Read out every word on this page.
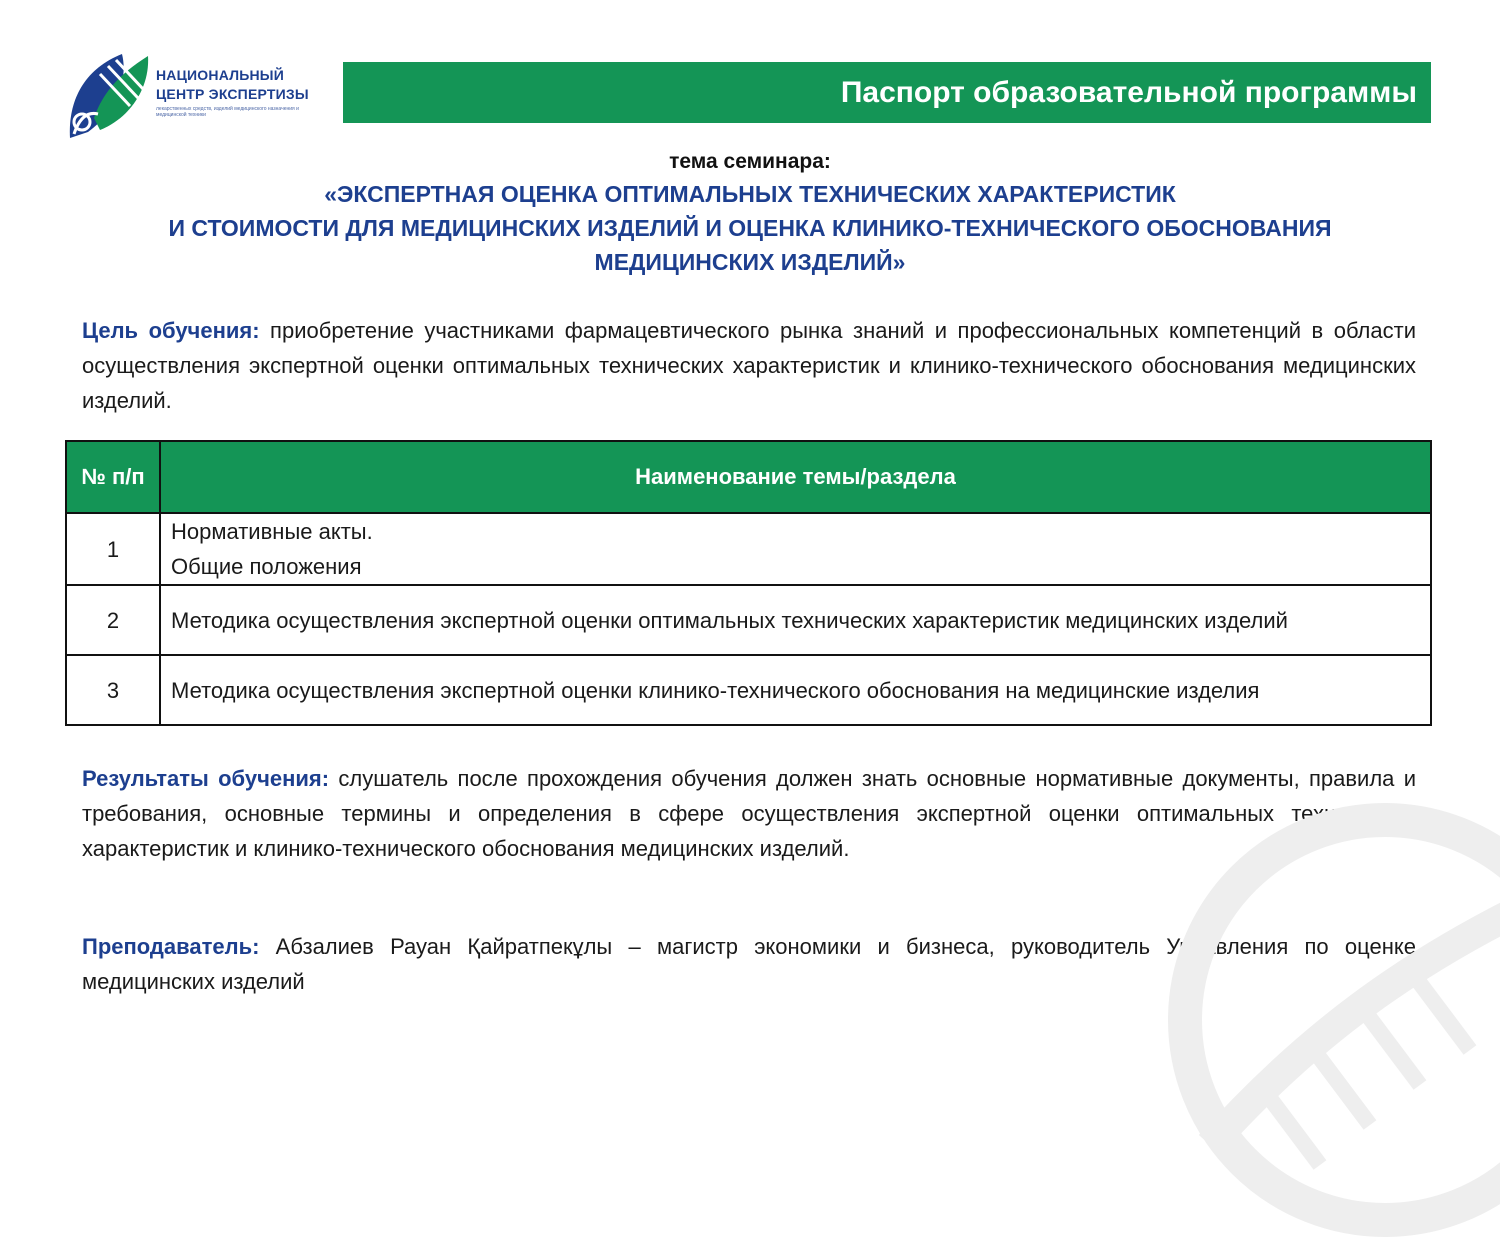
НАЦИОНАЛЬНЫЙ
ЦЕНТР ЭКСПЕРТИЗЫ
лекарственных средств, изделий медицинского назначения и медицинской техники
Паспорт образовательной программы
тема семинара:
«ЭКСПЕРТНАЯ ОЦЕНКА ОПТИМАЛЬНЫХ ТЕХНИЧЕСКИХ ХАРАКТЕРИСТИК
И СТОИМОСТИ ДЛЯ МЕДИЦИНСКИХ ИЗДЕЛИЙ И ОЦЕНКА КЛИНИКО-ТЕХНИЧЕСКОГО ОБОСНОВАНИЯ
МЕДИЦИНСКИХ ИЗДЕЛИЙ»
Цель обучения: приобретение участниками фармацевтического рынка знаний и профессиональных компетенций в области осуществления экспертной оценки оптимальных технических характеристик и клинико-технического обоснования медицинских изделий.
№ п/п	Наименование темы/раздела
1	Нормативные акты.
Общие положения

2	Методика осуществления экспертной оценки оптимальных технических характеристик медицинских изделий
3	Методика осуществления экспертной оценки клинико-технического обоснования на медицинские изделия
Результаты обучения: слушатель после прохождения обучения должен знать основные нормативные документы, правила и требования, основные термины и определения в сфере осуществления экспертной оценки оптимальных технических характеристик и клинико-технического обоснования медицинских изделий.
Преподаватель: Абзалиев Рауан Қайратпекұлы – магистр экономики и бизнеса, руководитель Управления по оценке медицинских изделий
